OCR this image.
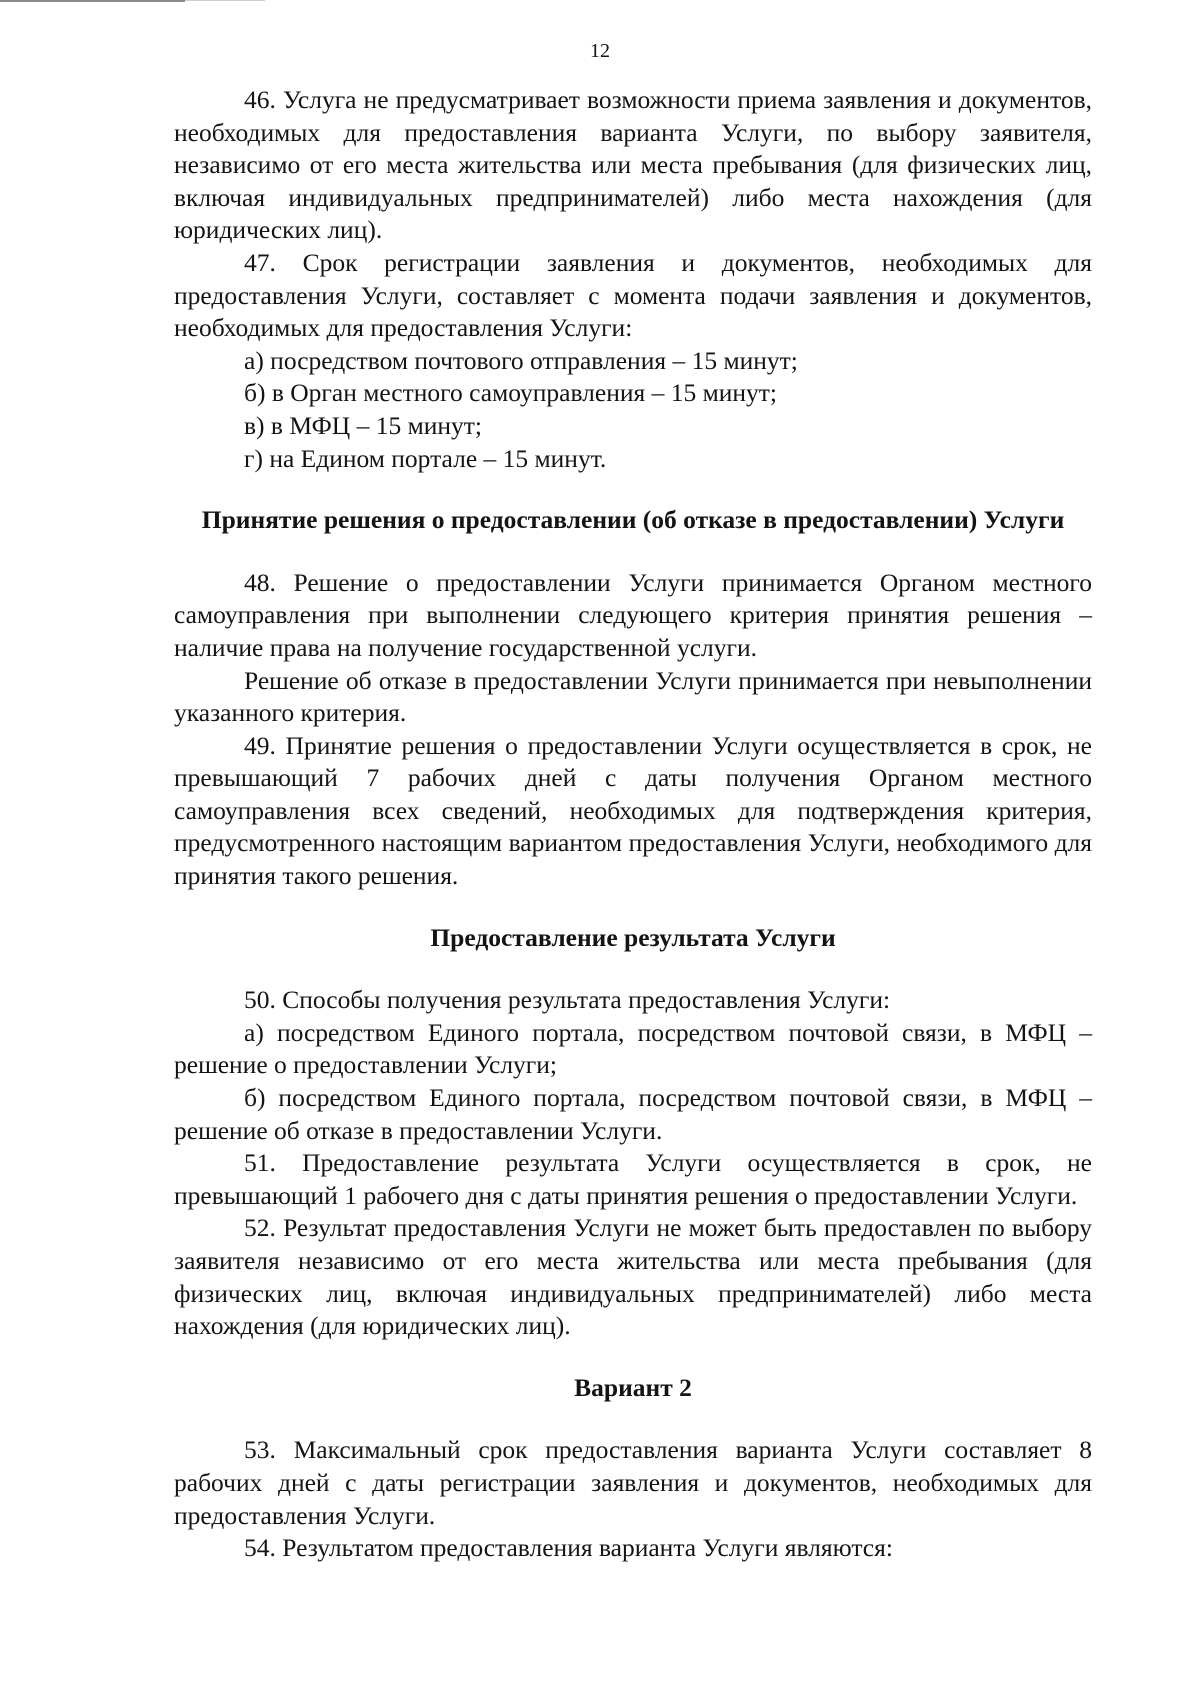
12

46. Услуга не предусматривает возможности приема заявления и документов, необходимых для предоставления варианта Услуги, по выбору заявителя, независимо от его места жительства или места пребывания (для физических лиц, включая индивидуальных предпринимателей) либо места нахождения (для юридических лиц).

47. Срок регистрации заявления и документов, необходимых для предоставления Услуги, составляет с момента подачи заявления и документов, необходимых для предоставления Услуги:

а) посредством почтового отправления – 15 минут;

б) в Орган местного самоуправления – 15 минут;

в) в МФЦ – 15 минут;

г) на Едином портале – 15 минут.

Принятие решения о предоставлении (об отказе в предоставлении) Услуги

48. Решение о предоставлении Услуги принимается Органом местного самоуправления при выполнении следующего критерия принятия решения – наличие права на получение государственной услуги.

Решение об отказе в предоставлении Услуги принимается при невыполнении указанного критерия.

49. Принятие решения о предоставлении Услуги осуществляется в срок, не превышающий 7 рабочих дней с даты получения Органом местного самоуправления всех сведений, необходимых для подтверждения критерия, предусмотренного настоящим вариантом предоставления Услуги, необходимого для принятия такого решения.

Предоставление результата Услуги

50. Способы получения результата предоставления Услуги:

а) посредством Единого портала, посредством почтовой связи, в МФЦ – решение о предоставлении Услуги;

б) посредством Единого портала, посредством почтовой связи, в МФЦ – решение об отказе в предоставлении Услуги.

51. Предоставление результата Услуги осуществляется в срок, не превышающий 1 рабочего дня с даты принятия решения о предоставлении Услуги.

52. Результат предоставления Услуги не может быть предоставлен по выбору заявителя независимо от его места жительства или места пребывания (для физических лиц, включая индивидуальных предпринимателей) либо места нахождения (для юридических лиц).

Вариант 2

53. Максимальный срок предоставления варианта Услуги составляет 8 рабочих дней с даты регистрации заявления и документов, необходимых для предоставления Услуги.

54. Результатом предоставления варианта Услуги являются:
